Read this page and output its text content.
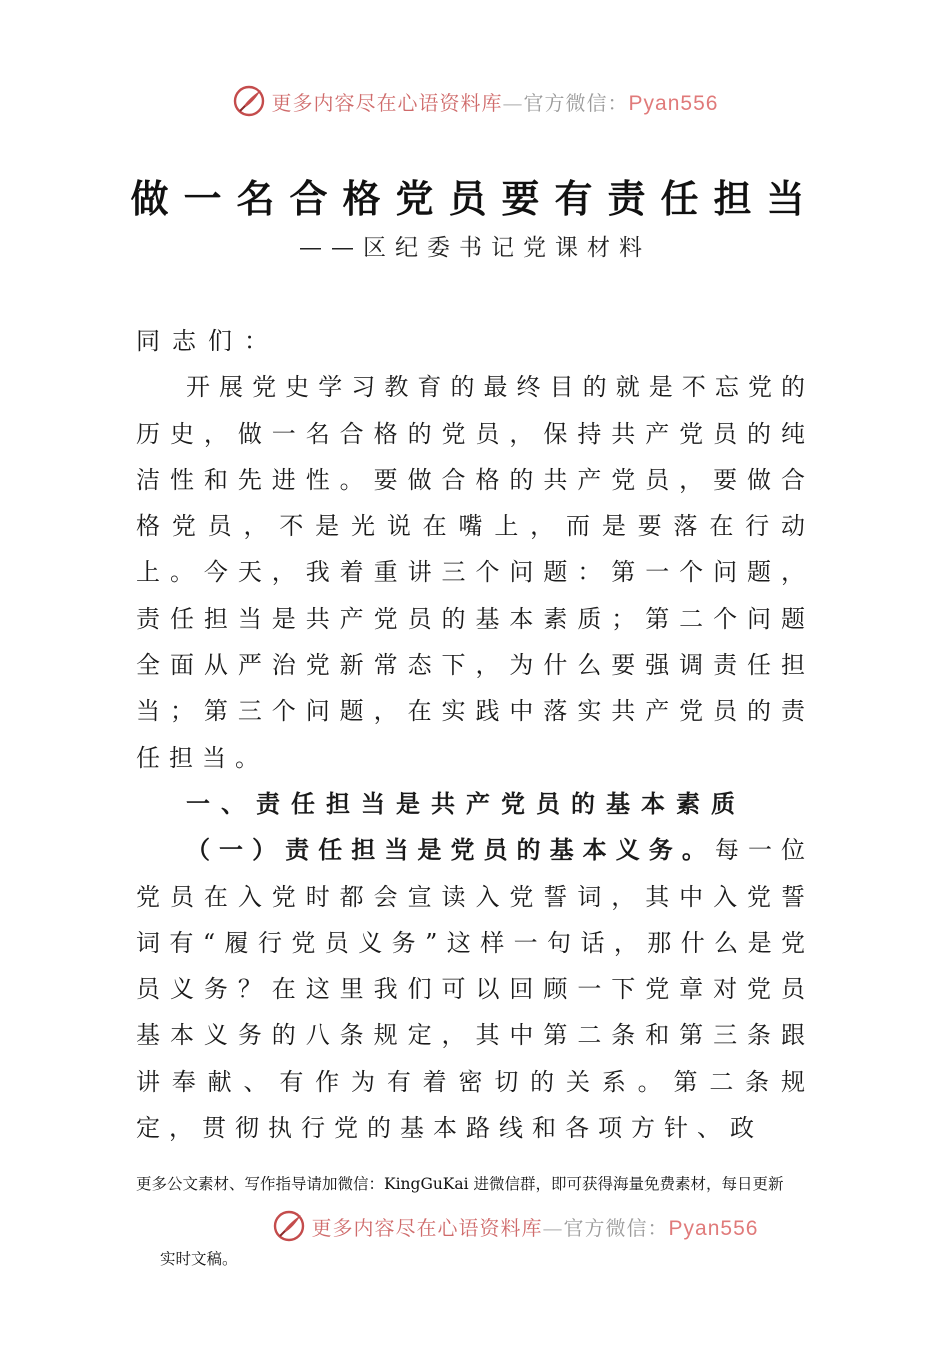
更多内容尽在心语资料库—官方微信：Pyan556
做一名合格党员要有责任担当
——区纪委书记党课材料

同志们：

开展党史学习教育的最终目的就是不忘党的历史，做一名合格的党员，保持共产党员的纯洁性和先进性。要做合格的共产党员，要做合格党员，不是光说在嘴上，而是要落在行动上。今天，我着重讲三个问题：第一个问题，责任担当是共产党员的基本素质；第二个问题全面从严治党新常态下，为什么要强调责任担当；第三个问题，在实践中落实共产党员的责任担当。

一、责任担当是共产党员的基本素质

（一）责任担当是党员的基本义务。每一位党员在入党时都会宣读入党誓词，其中入党誓词有“履行党员义务”这样一句话，那什么是党员义务？在这里我们可以回顾一下党章对党员基本义务的八条规定，其中第二条和第三条跟讲奉献、有作为有着密切的关系。第二条规定，贯彻执行党的基本路线和各项方针、政

更多公文素材、写作指导请加微信：KingGuKai 进微信群，即可获得海量免费素材，每日更新
更多内容尽在心语资料库—官方微信：Pyan556
实时文稿。
